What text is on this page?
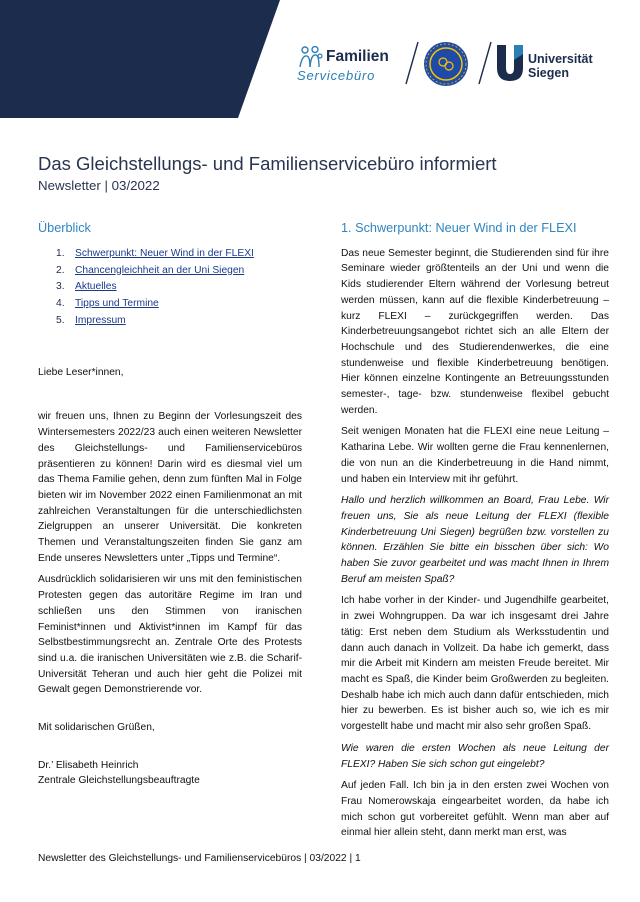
Familien
Servicebüro
Universität
Siegen
Das Gleichstellungs- und Familienservicebüro informiert
Newsletter | 03/2022
Überblick
1. Schwerpunkt: Neuer Wind in der FLEXI
2. Chancengleichheit an der Uni Siegen
3. Aktuelles
4. Tipps und Termine
5. Impressum

Liebe Leser*innen,

wir freuen uns, Ihnen zu Beginn der Vorlesungszeit des Wintersemesters 2022/23 auch einen weiteren Newsletter des Gleichstellungs- und Familienservicebüros präsentieren zu können! Darin wird es diesmal viel um das Thema Familie gehen, denn zum fünften Mal in Folge bieten wir im November 2022 einen Familienmonat an mit zahlreichen Veranstaltungen für die unterschiedlichsten Zielgruppen an unserer Universität. Die konkreten Themen und Veranstaltungszeiten finden Sie ganz am Ende unseres Newsletters unter „Tipps und Termine“.

Ausdrücklich solidarisieren wir uns mit den feministischen Protesten gegen das autoritäre Regime im Iran und schließen uns den Stimmen von iranischen Feminist*innen und Aktivist*innen im Kampf für das Selbstbestimmungsrecht an. Zentrale Orte des Protests sind u.a. die iranischen Universitäten wie z.B. die Scharif-Universität Teheran und auch hier geht die Polizei mit Gewalt gegen Demonstrierende vor.

Mit solidarischen Grüßen,

Dr.’ Elisabeth Heinrich

Zentrale Gleichstellungsbeauftragte

1. Schwerpunkt: Neuer Wind in der FLEXI

Das neue Semester beginnt, die Studierenden sind für ihre Seminare wieder größtenteils an der Uni und wenn die Kids studierender Eltern während der Vorlesung betreut werden müssen, kann auf die flexible Kinderbetreuung – kurz FLEXI – zurückgegriffen werden. Das Kinderbetreuungsangebot richtet sich an alle Eltern der Hochschule und des Studierendenwerkes, die eine stundenweise und flexible Kinderbetreuung benötigen. Hier können einzelne Kontingente an Betreuungsstunden semester-, tage- bzw. stundenweise flexibel gebucht werden.

Seit wenigen Monaten hat die FLEXI eine neue Leitung – Katharina Lebe. Wir wollten gerne die Frau kennenlernen, die von nun an die Kinderbetreuung in die Hand nimmt, und haben ein Interview mit ihr geführt.

Hallo und herzlich willkommen an Board, Frau Lebe. Wir freuen uns, Sie als neue Leitung der FLEXI (flexible Kinderbetreuung Uni Siegen) begrüßen bzw. vorstellen zu können. Erzählen Sie bitte ein bisschen über sich: Wo haben Sie zuvor gearbeitet und was macht Ihnen in Ihrem Beruf am meisten Spaß?

Ich habe vorher in der Kinder- und Jugendhilfe gearbeitet, in zwei Wohngruppen. Da war ich insgesamt drei Jahre tätig: Erst neben dem Studium als Werksstudentin und dann auch danach in Vollzeit. Da habe ich gemerkt, dass mir die Arbeit mit Kindern am meisten Freude bereitet. Mir macht es Spaß, die Kinder beim Großwerden zu begleiten. Deshalb habe ich mich auch dann dafür entschieden, mich hier zu bewerben. Es ist bisher auch so, wie ich es mir vorgestellt habe und macht mir also sehr großen Spaß.

Wie waren die ersten Wochen als neue Leitung der FLEXI? Haben Sie sich schon gut eingelebt?

Auf jeden Fall. Ich bin ja in den ersten zwei Wochen von Frau Nomerowskaja eingearbeitet worden, da habe ich mich schon gut vorbereitet gefühlt. Wenn man aber auf einmal hier allein steht, dann merkt man erst, was

Newsletter des Gleichstellungs- und Familienservicebüros | 03/2022 | 1
